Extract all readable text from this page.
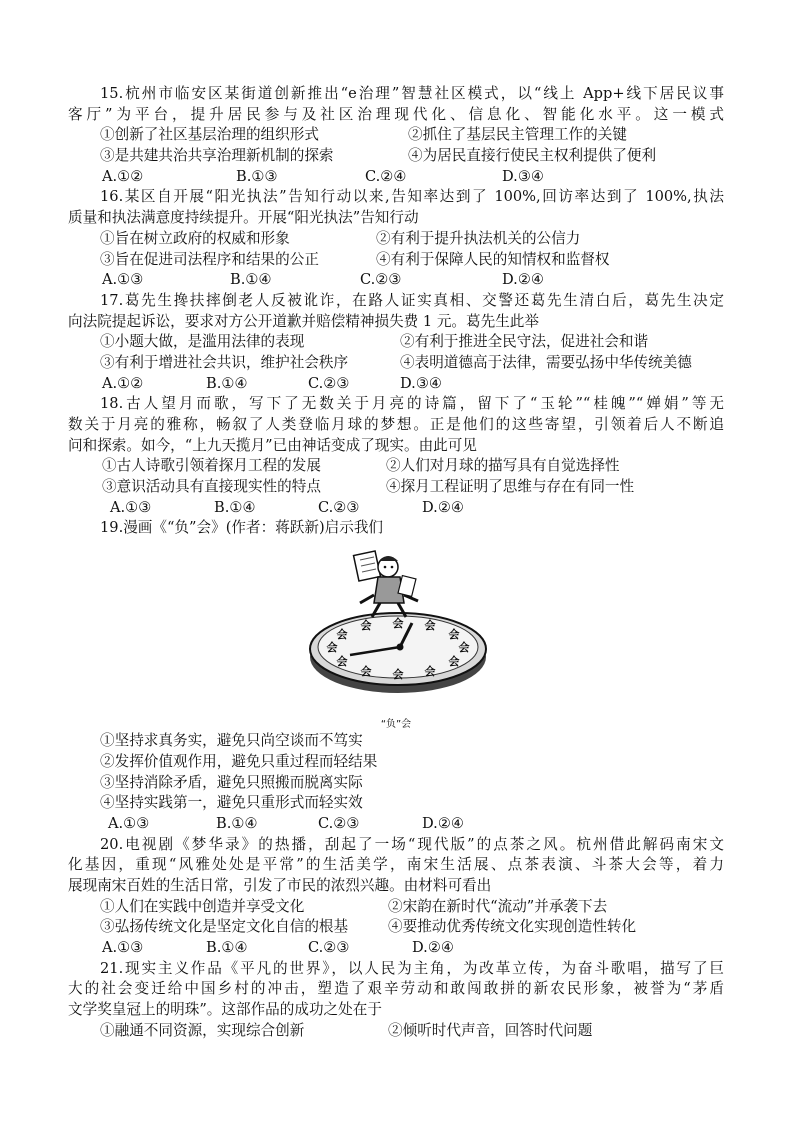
15.杭州市临安区某街道创新推出“e治理”智慧社区模式，以“线上 App+线下居民议事
客厅”为平台，提升居民参与及社区治理现代化、信息化、智能化水平。这一模式
①创新了社区基层治理的组织形式	②抓住了基层民主管理工作的关键
③是共建共治共享治理新机制的探索	④为居民直接行使民主权利提供了便利
A.①②	B.①③	C.②④	D.③④
16.某区自开展“阳光执法”告知行动以来,告知率达到了 100%,回访率达到了 100%,执法
质量和执法满意度持续提升。开展“阳光执法”告知行动
①旨在树立政府的权威和形象	②有利于提升执法机关的公信力
③旨在促进司法程序和结果的公正	④有利于保障人民的知情权和监督权
A.①③	B.①④	C.②③	D.②④
17.葛先生搀扶摔倒老人反被讹诈，在路人证实真相、交警还葛先生清白后，葛先生决定
向法院提起诉讼，要求对方公开道歉并赔偿精神损失费 1 元。葛先生此举
①小题大做，是滥用法律的表现	②有利于推进全民守法，促进社会和谐
③有利于增进社会共识，维护社会秩序	④表明道德高于法律，需要弘扬中华传统美德
A.①②	B.①④	C.②③	D.③④
18.古人望月而歌，写下了无数关于月亮的诗篇，留下了“玉轮”“桂魄”“婵娟”等无
数关于月亮的雅称，畅叙了人类登临月球的梦想。正是他们的这些寄望，引领着后人不断追
问和探索。如今，“上九天揽月”已由神话变成了现实。由此可见
①古人诗歌引领着探月工程的发展	②人们对月球的描写具有自觉选择性
③意识活动具有直接现实性的特点	④探月工程证明了思维与存在有同一性
A.①③	B.①④	C.②③	D.②④
19.漫画《“负”会》(作者：蒋跃新)启示我们
会 会
会
会
会
会
会
会
会
会
会
会
“负”会
①坚持求真务实，避免只尚空谈而不笃实
②发挥价值观作用，避免只重过程而轻结果
③坚持消除矛盾，避免只照搬而脱离实际
④坚持实践第一，避免只重形式而轻实效
A.①③	B.①④	C.②③	D.②④
20.电视剧《梦华录》的热播，刮起了一场“现代版”的点茶之风。杭州借此解码南宋文
化基因，重现“风雅处处是平常”的生活美学，南宋生活展、点茶表演、斗茶大会等，着力
展现南宋百姓的生活日常，引发了市民的浓烈兴趣。由材料可看出
①人们在实践中创造并享受文化	②宋韵在新时代“流动”并承袭下去
③弘扬传统文化是坚定文化自信的根基	④要推动优秀传统文化实现创造性转化
A.①③	B.①④	C.②③	D.②④
21.现实主义作品《平凡的世界》，以人民为主角，为改革立传，为奋斗歌唱，描写了巨
大的社会变迁给中国乡村的冲击，塑造了艰辛劳动和敢闯敢拼的新农民形象，被誉为“茅盾
文学奖皇冠上的明珠”。这部作品的成功之处在于
①融通不同资源，实现综合创新	②倾听时代声音，回答时代问题
